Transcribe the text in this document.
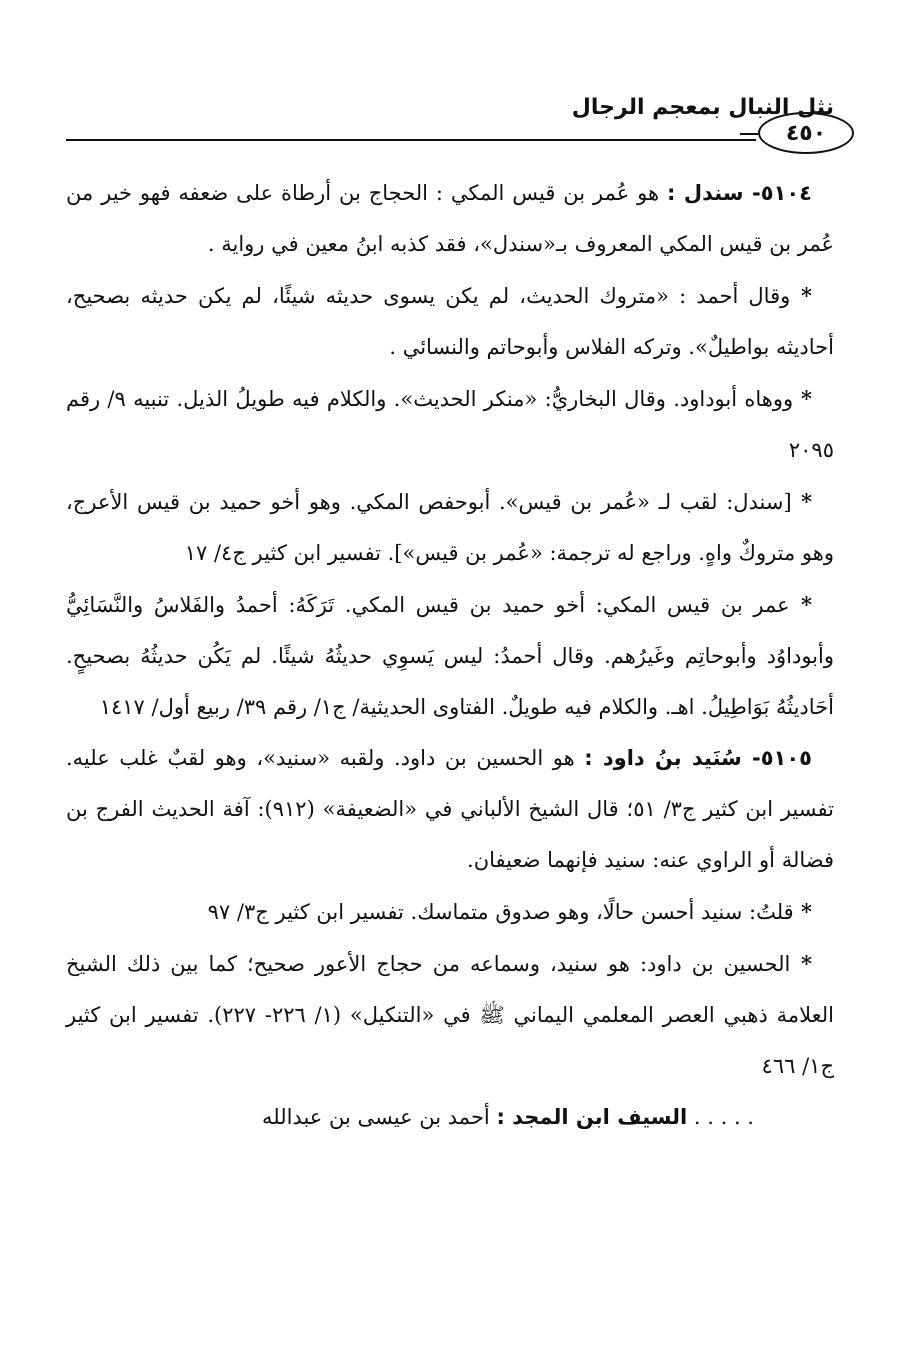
نثل النبال بمعجم الرجال
٤٥٠

٥١٠٤- سندل : هو عُمر بن قيس المكي : الحجاج بن أرطاة على ضعفه فهو خير من عُمر بن قيس المكي المعروف بـ«سندل»، فقد كذبه ابنُ معين في رواية .

* وقال أحمد : «متروك الحديث، لم يكن يسوى حديثه شيئًا، لم يكن حديثه بصحيح، أحاديثه بواطيلٌ». وتركه الفلاس وأبوحاتم والنسائي .

* ووهاه أبوداود. وقال البخاريُّ: «منكر الحديث». والكلام فيه طويلُ الذيل. تنبيه ٩/ رقم ٢٠٩٥

* [سندل: لقب لـ «عُمر بن قيس». أبوحفص المكي. وهو أخو حميد بن قيس الأعرج، وهو متروكٌ واهٍ. وراجع له ترجمة: «عُمر بن قيس»]. تفسير ابن كثير ج٤/ ١٧

* عمر بن قيس المكي: أخو حميد بن قيس المكي. تَرَكَهُ: أحمدُ والفَلاسُ والنَّسَائِيُّ وأبوداوُد وأبوحاتِم وغَيرُهم. وقال أحمدُ: ليس يَسوِي حديثُهُ شيئًا. لم يَكُن حديثُهُ بصحيحٍ. أحَاديثُهُ بَوَاطِيلُ. اهـ. والكلام فيه طويلٌ. الفتاوى الحديثية/ ج١/ رقم ٣٩/ ربيع أول/ ١٤١٧

٥١٠٥- سُنَيد بنُ داود : هو الحسين بن داود. ولقبه «سنيد»، وهو لقبٌ غلب عليه. تفسير ابن كثير ج٣/ ٥١؛ قال الشيخ الألباني في «الضعيفة» (٩١٢): آفة الحديث الفرج بن فضالة أو الراوي عنه: سنيد فإنهما ضعيفان.

* قلتُ: سنيد أحسن حالًا، وهو صدوق متماسك. تفسير ابن كثير ج٣/ ٩٧

* الحسين بن داود: هو سنيد، وسماعه من حجاج الأعور صحيح؛ كما بين ذلك الشيخ العلامة ذهبي العصر المعلمي اليماني ﷺ في «التنكيل» (١/ ٢٢٦- ٢٢٧). تفسير ابن كثير ج١/ ٤٦٦

. . . . . السيف ابن المجد : أحمد بن عيسى بن عبدالله
